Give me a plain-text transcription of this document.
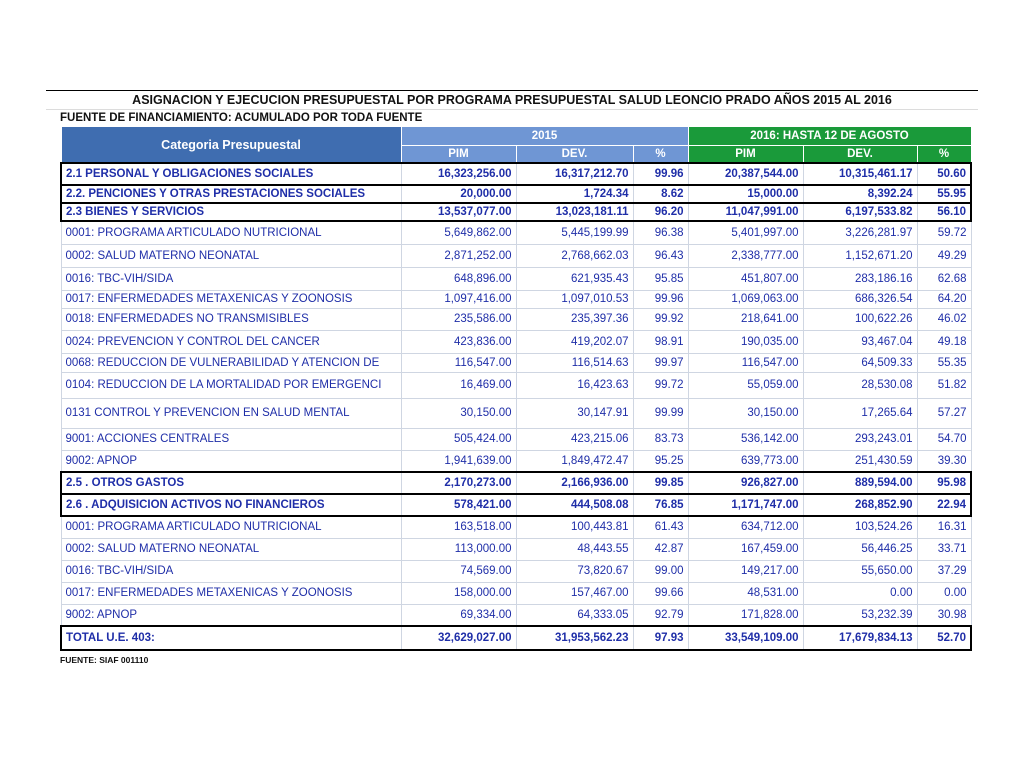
ASIGNACION Y EJECUCION PRESUPUESTAL POR PROGRAMA PRESUPUESTAL SALUD LEONCIO PRADO AÑOS 2015 AL 2016
FUENTE DE FINANCIAMIENTO: ACUMULADO POR TODA FUENTE
Categoria Presupuestal	2015			2016: HASTA 12 DE AGOSTO		
	PIM	DEV.	%	PIM	DEV.	%
2.1 PERSONAL Y OBLIGACIONES SOCIALES	16,323,256.00	16,317,212.70	99.96	20,387,544.00	10,315,461.17	50.60
2.2. PENCIONES Y OTRAS PRESTACIONES SOCIALES	20,000.00	1,724.34	8.62	15,000.00	8,392.24	55.95
2.3 BIENES Y SERVICIOS	13,537,077.00	13,023,181.11	96.20	11,047,991.00	6,197,533.82	56.10
0001: PROGRAMA ARTICULADO NUTRICIONAL	5,649,862.00	5,445,199.99	96.38	5,401,997.00	3,226,281.97	59.72
0002: SALUD MATERNO NEONATAL	2,871,252.00	2,768,662.03	96.43	2,338,777.00	1,152,671.20	49.29
0016: TBC-VIH/SIDA	648,896.00	621,935.43	95.85	451,807.00	283,186.16	62.68
0017: ENFERMEDADES METAXENICAS Y ZOONOSIS	1,097,416.00	1,097,010.53	99.96	1,069,063.00	686,326.54	64.20
0018: ENFERMEDADES NO TRANSMISIBLES	235,586.00	235,397.36	99.92	218,641.00	100,622.26	46.02
0024: PREVENCION Y CONTROL DEL CANCER	423,836.00	419,202.07	98.91	190,035.00	93,467.04	49.18
0068: REDUCCION DE VULNERABILIDAD Y ATENCION DE	116,547.00	116,514.63	99.97	116,547.00	64,509.33	55.35
0104: REDUCCION DE LA MORTALIDAD POR EMERGENCI	16,469.00	16,423.63	99.72	55,059.00	28,530.08	51.82
0131 CONTROL Y PREVENCION EN SALUD MENTAL	30,150.00	30,147.91	99.99	30,150.00	17,265.64	57.27
9001: ACCIONES CENTRALES	505,424.00	423,215.06	83.73	536,142.00	293,243.01	54.70
9002: APNOP	1,941,639.00	1,849,472.47	95.25	639,773.00	251,430.59	39.30
2.5 . OTROS GASTOS	2,170,273.00	2,166,936.00	99.85	926,827.00	889,594.00	95.98
2.6 . ADQUISICION ACTIVOS NO FINANCIEROS	578,421.00	444,508.08	76.85	1,171,747.00	268,852.90	22.94
0001: PROGRAMA ARTICULADO NUTRICIONAL	163,518.00	100,443.81	61.43	634,712.00	103,524.26	16.31
0002: SALUD MATERNO NEONATAL	113,000.00	48,443.55	42.87	167,459.00	56,446.25	33.71
0016: TBC-VIH/SIDA	74,569.00	73,820.67	99.00	149,217.00	55,650.00	37.29
0017: ENFERMEDADES METAXENICAS Y ZOONOSIS	158,000.00	157,467.00	99.66	48,531.00	0.00	0.00
9002: APNOP	69,334.00	64,333.05	92.79	171,828.00	53,232.39	30.98
TOTAL U.E. 403:	32,629,027.00	31,953,562.23	97.93	33,549,109.00	17,679,834.13	52.70
FUENTE: SIAF 001110
